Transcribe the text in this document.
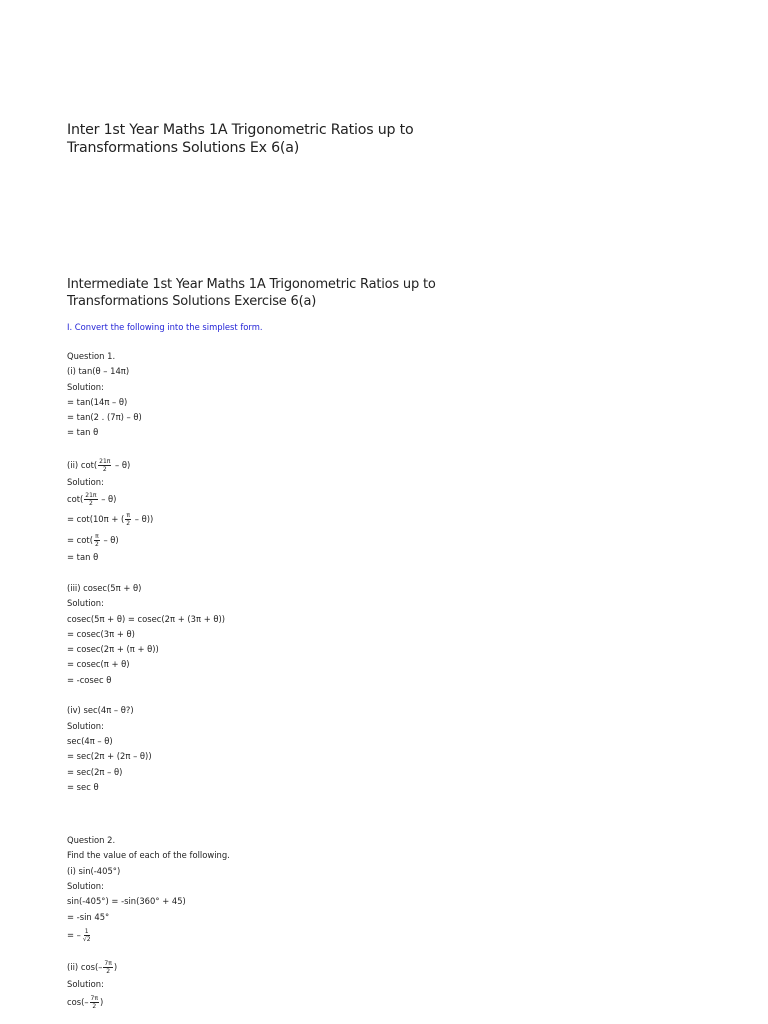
Inter 1st Year Maths 1A Trigonometric Ratios up to Transformations Solutions Ex 6(a)
Intermediate 1st Year Maths 1A Trigonometric Ratios up to Transformations Solutions Exercise 6(a)
I. Convert the following into the simplest form.
Question 1.
(i) tan(θ – 14π)
Solution:
= tan(14π – θ)
= tan(2 . (7π) – θ)
= tan θ
(ii) $\cot( \frac{21\pi}{2} - \theta)$
Solution:
$\cot( \frac{21\pi}{2} - \theta)$
= cot(10π + ( $\frac{\pi}{2} - \theta$))
= $\cot( \frac{\pi}{2} - \theta)$
= tan θ
(iii) cosec(5π + θ)
Solution:
cosec(5π + θ) = cosec(2π + (3π + θ))
= cosec(3π + θ)
= cosec(2π + (π + θ))
= cosec(π + θ)
= -cosec θ
(iv) sec(4π – θ?)
Solution:
sec(4π – θ)
= sec(2π + (2π – θ))
= sec(2π – θ)
= sec θ
Question 2.
Find the value of each of the following.
(i) sin(-405°)
Solution:
sin(-405°) = -sin(360° + 45)
= -sin 45°
= – $\frac{1}{√2}$
(ii) $\cos(- \frac{7\pi}{2}$ )
Solution:
$\cos(- \frac{7\pi}{2}$ )
